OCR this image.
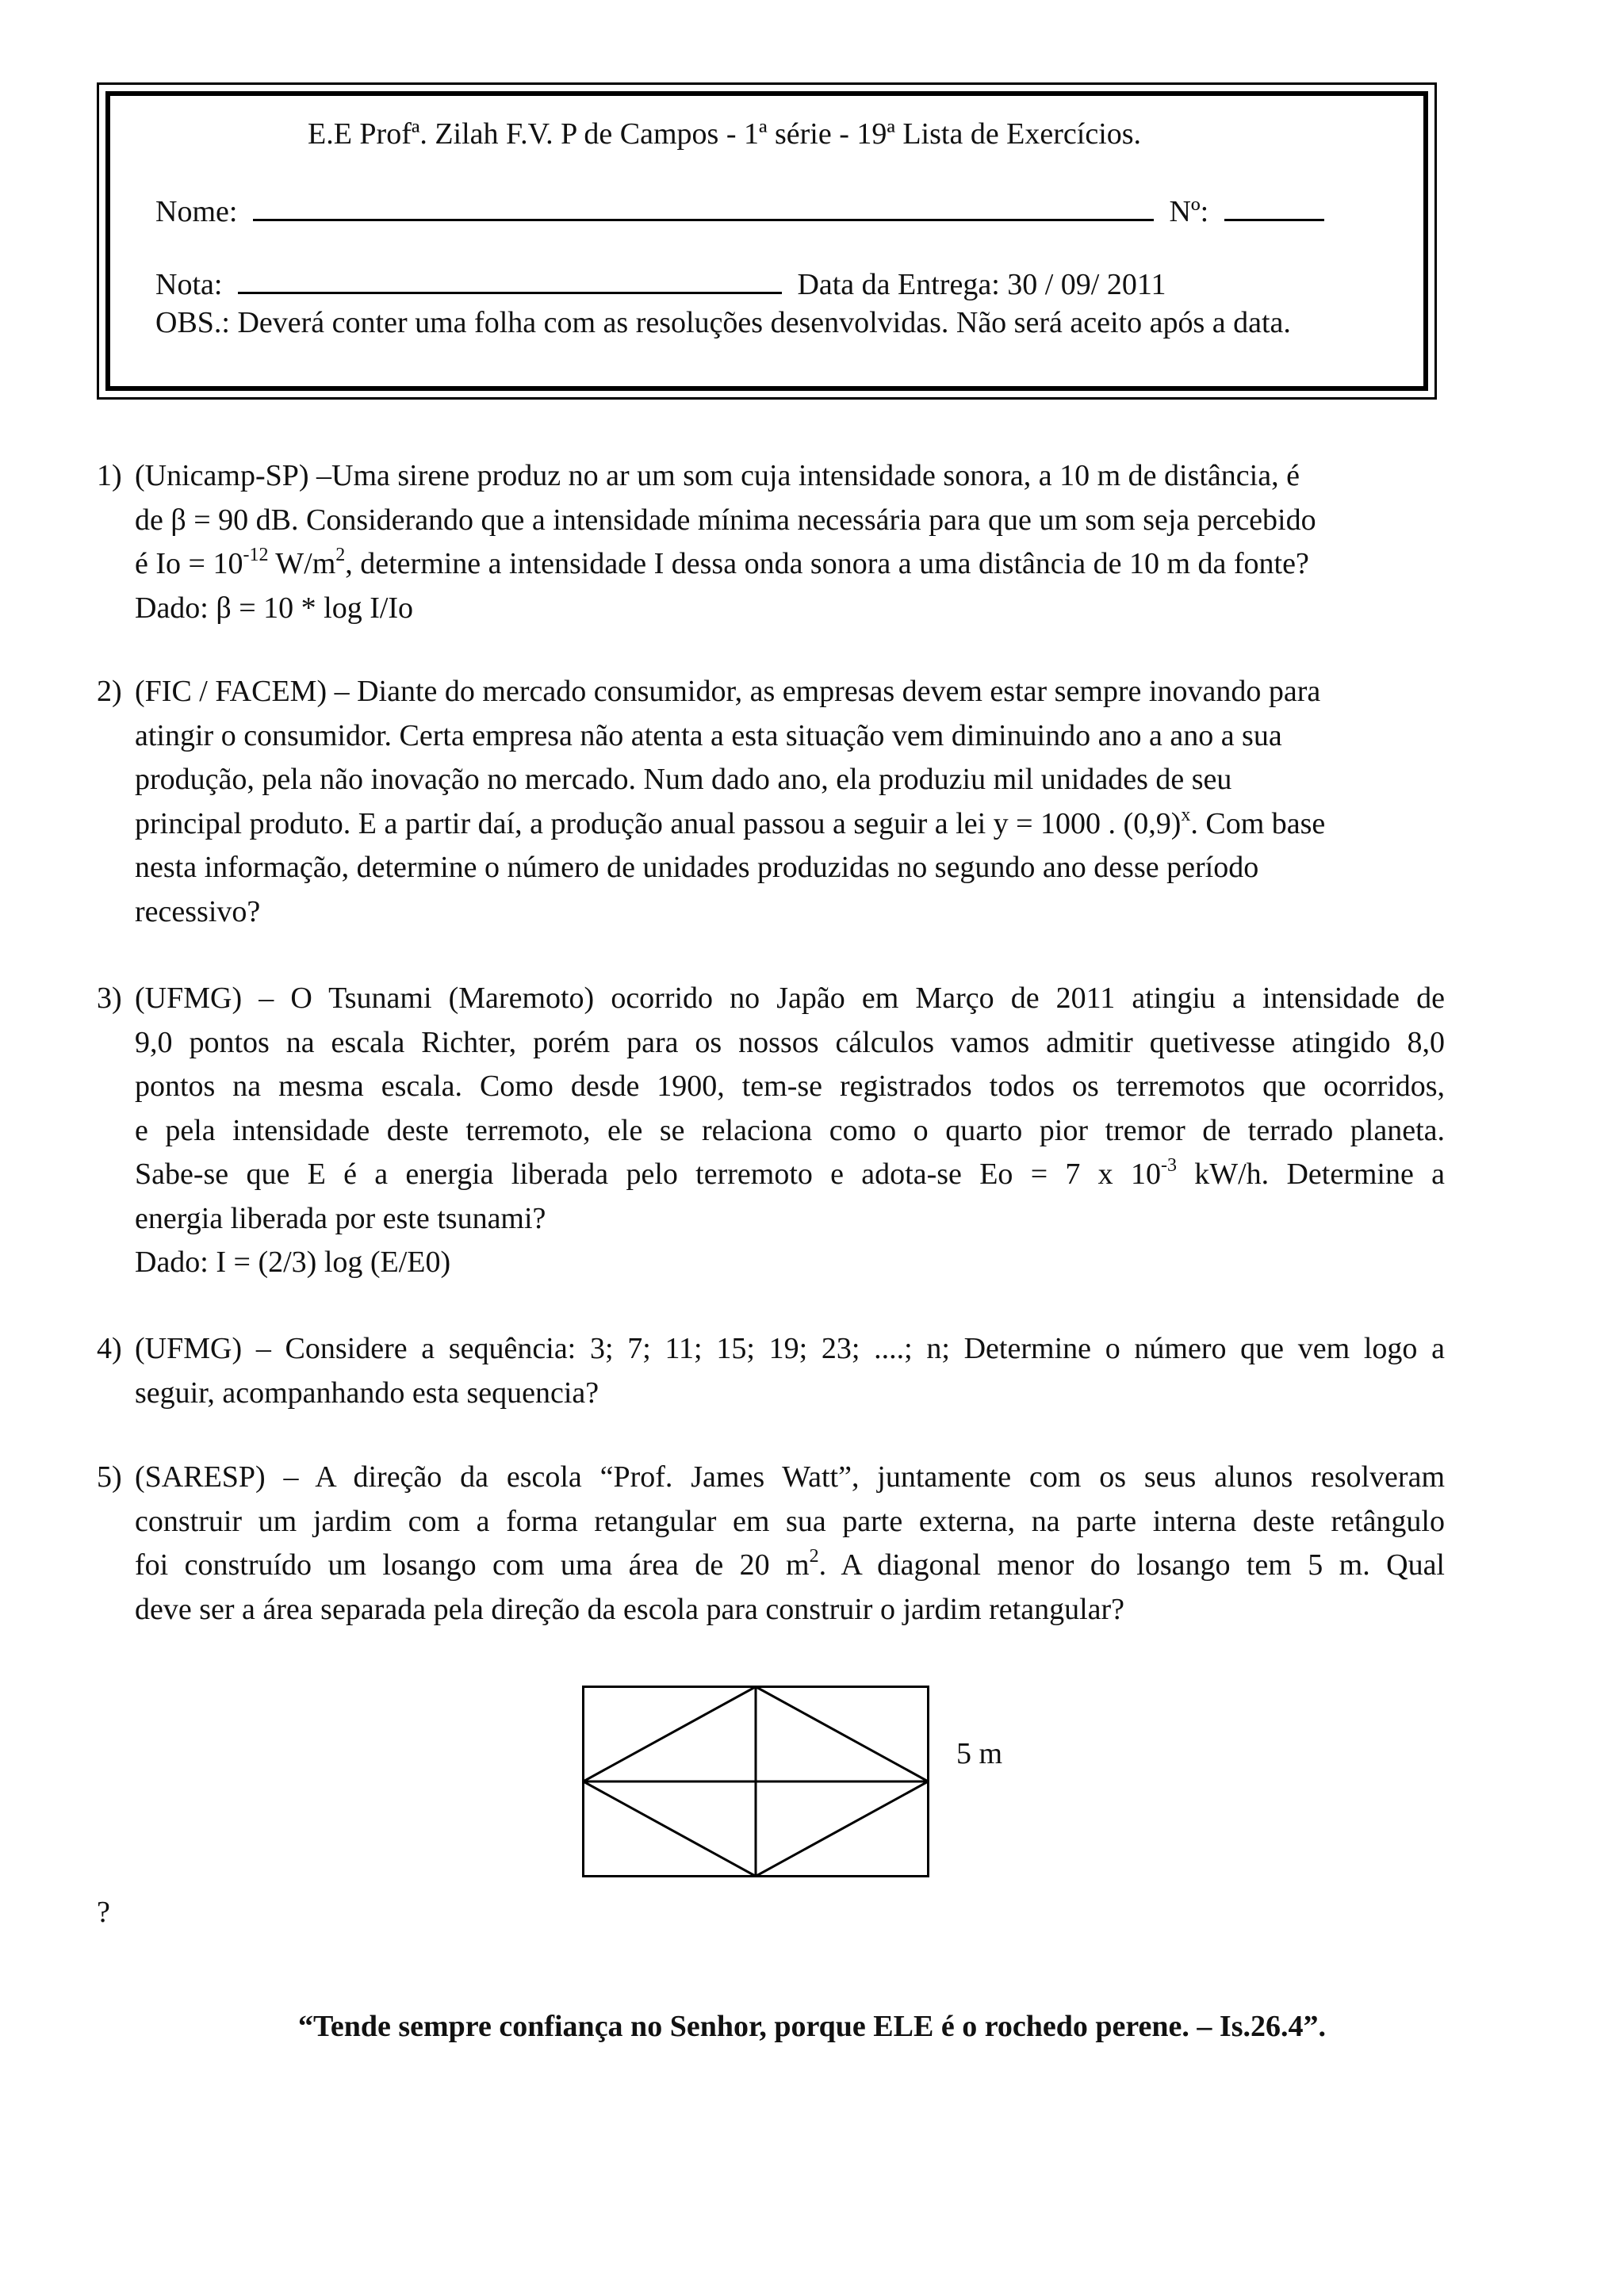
E.E Profª. Zilah F.V. P de Campos - 1ª série - 19ª Lista de Exercícios.
Nome:	Nº:
Nota:	Data da Entrega: 30 / 09/ 2011
OBS.: Deverá conter uma folha com as resoluções desenvolvidas. Não será aceito após a data.
1) (Unicamp-SP) –Uma sirene produz no ar um som cuja intensidade sonora, a 10 m de distância, é
de β = 90 dB. Considerando que a intensidade mínima necessária para que um som seja percebido
é $Io = 10^{-12}$ $W/m^2$, determine a intensidade I dessa onda sonora a uma distância de 10 m da fonte?
Dado: β = 10 * log I/Io
2) (FIC / FACEM) – Diante do mercado consumidor, as empresas devem estar sempre inovando para
atingir o consumidor. Certa empresa não atenta a esta situação vem diminuindo ano a ano a sua
produção, pela não inovação no mercado. Num dado ano, ela produziu mil unidades de seu
principal produto. E a partir daí, a produção anual passou a seguir a lei y = 1000 . $(0,9)^x$. Com base
nesta informação, determine o número de unidades produzidas no segundo ano desse período
recessivo?
3) (UFMG) – O Tsunami (Maremoto) ocorrido no Japão em Março de 2011 atingiu a intensidade de
9,0 pontos na escala Richter, porém para os nossos cálculos vamos admitir quetivesse atingido 8,0
pontos na mesma escala. Como desde 1900, tem-se registrados todos os terremotos que ocorridos,
e pela intensidade deste terremoto, ele se relaciona como o quarto pior tremor de terrado planeta.
Sabe-se que E é a energia liberada pelo terremoto e adota-se Eo = 7 x $10^{-3}$ kW/h. Determine a
energia liberada por este tsunami?
Dado: I = (2/3) log (E/E0)
4) (UFMG) – Considere a sequência: 3; 7; 11; 15; 19; 23; ....; n; Determine o número que vem logo a
seguir, acompanhando esta sequencia?
5) (SARESP) – A direção da escola “Prof. James Watt”, juntamente com os seus alunos resolveram
construir um jardim com a forma retangular em sua parte externa, na parte interna deste retângulo
foi construído um losango com uma área de 20 $m^2$. A diagonal menor do losango tem 5 m. Qual
deve ser a área separada pela direção da escola para construir o jardim retangular?
5 m
?
“Tende sempre confiança no Senhor, porque ELE é o rochedo perene. – Is.26.4”.
